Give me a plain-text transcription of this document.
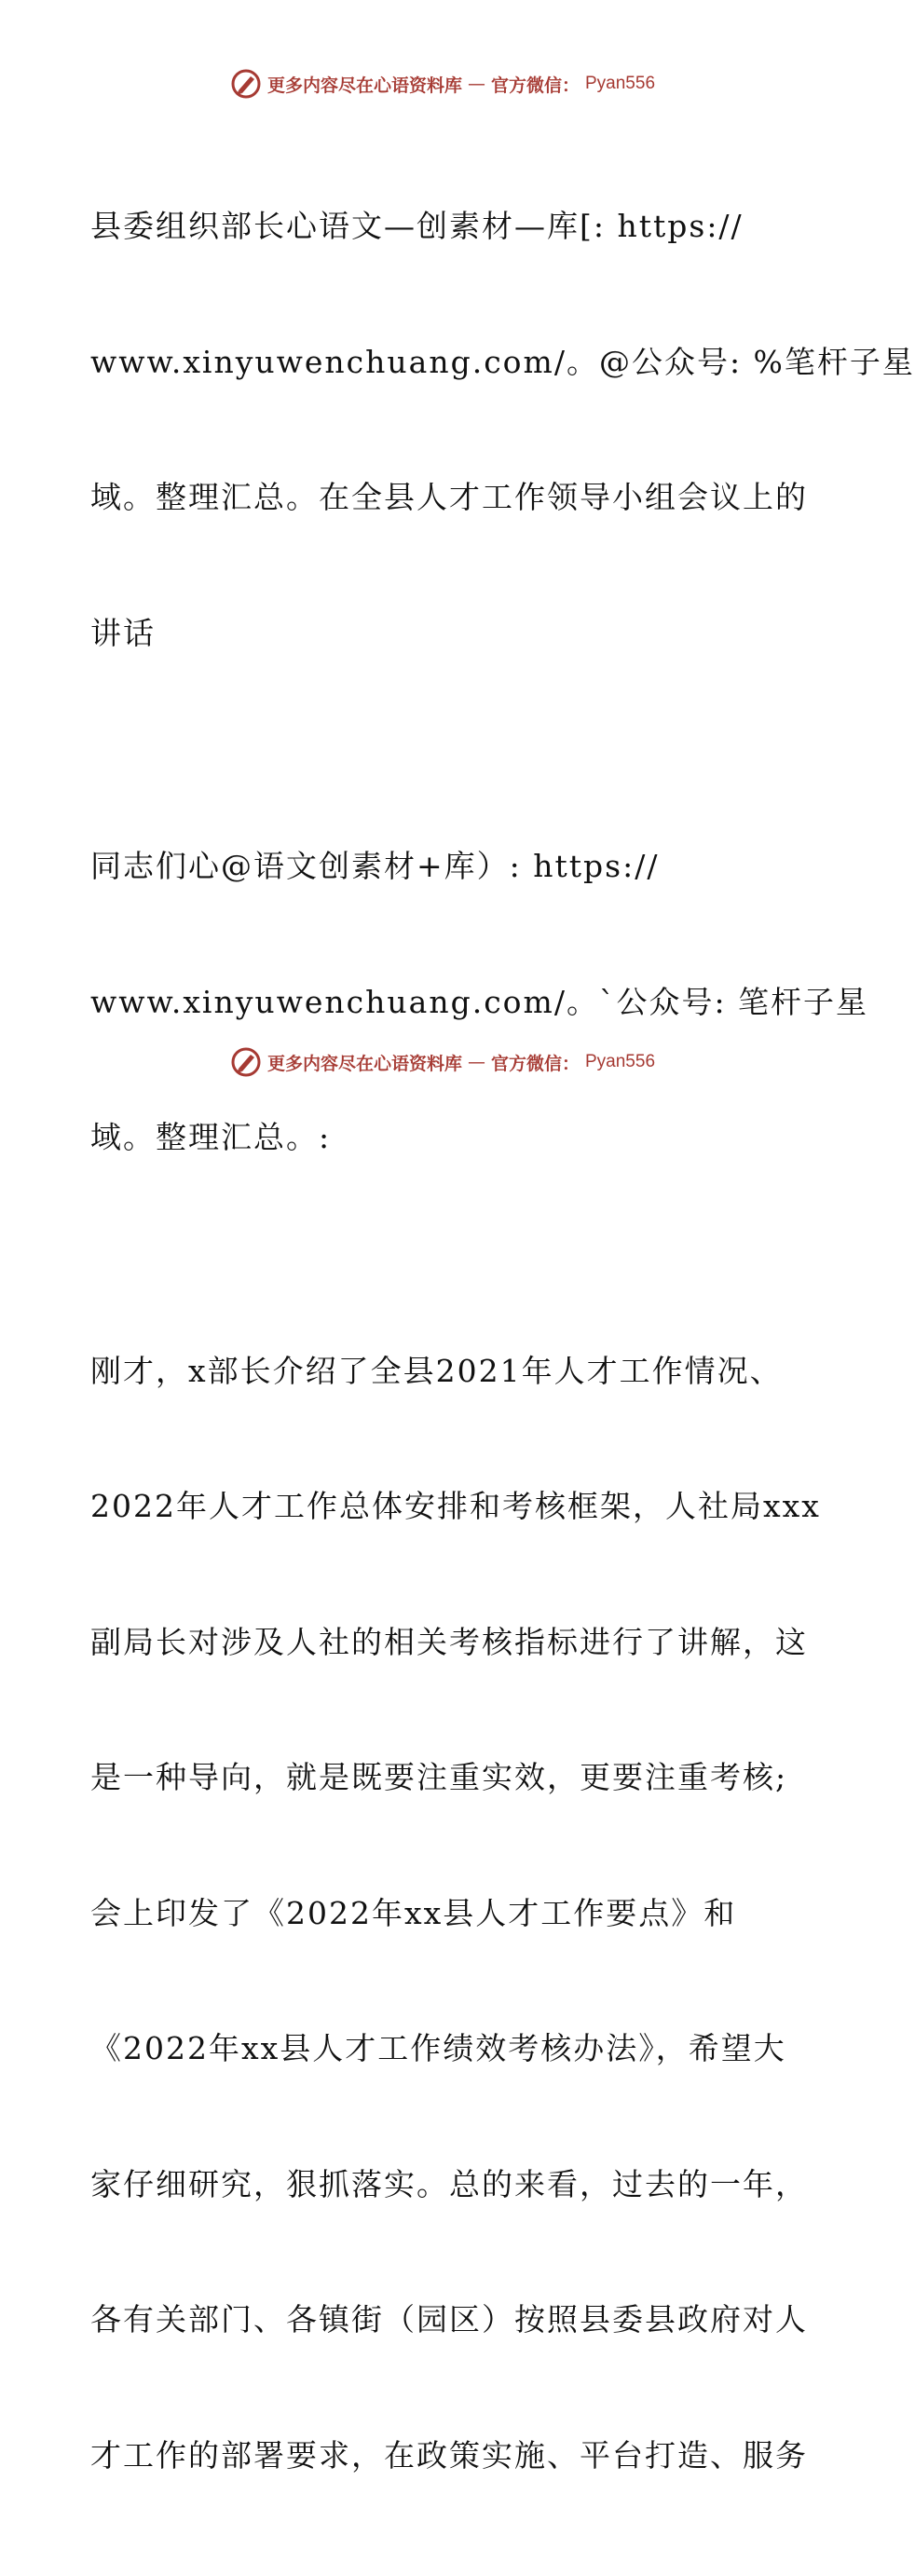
更多内容尽在心语资料库 — 官方微信： Pyan556

县委组织部长心语文—创素材—库[: https://

www.xinyuwenchuang.com/。@公众号: %笔杆子星

域。整理汇总。在全县人才工作领导小组会议上的

讲话

同志们心@语文创素材+库）: https://

www.xinyuwenchuang.com/。`公众号: 笔杆子星

域。整理汇总。:

刚才，x部长介绍了全县2021年人才工作情况、

2022年人才工作总体安排和考核框架，人社局xxx

副局长对涉及人社的相关考核指标进行了讲解，这

是一种导向，就是既要注重实效，更要注重考核;

会上印发了《2022年xx县人才工作要点》和

《2022年xx县人才工作绩效考核办法》，希望大

家仔细研究，狠抓落实。总的来看，过去的一年，

各有关部门、各镇街（园区）按照县委县政府对人

才工作的部署要求，在政策实施、平台打造、服务

更多内容尽在心语资料库 — 官方微信： Pyan556
